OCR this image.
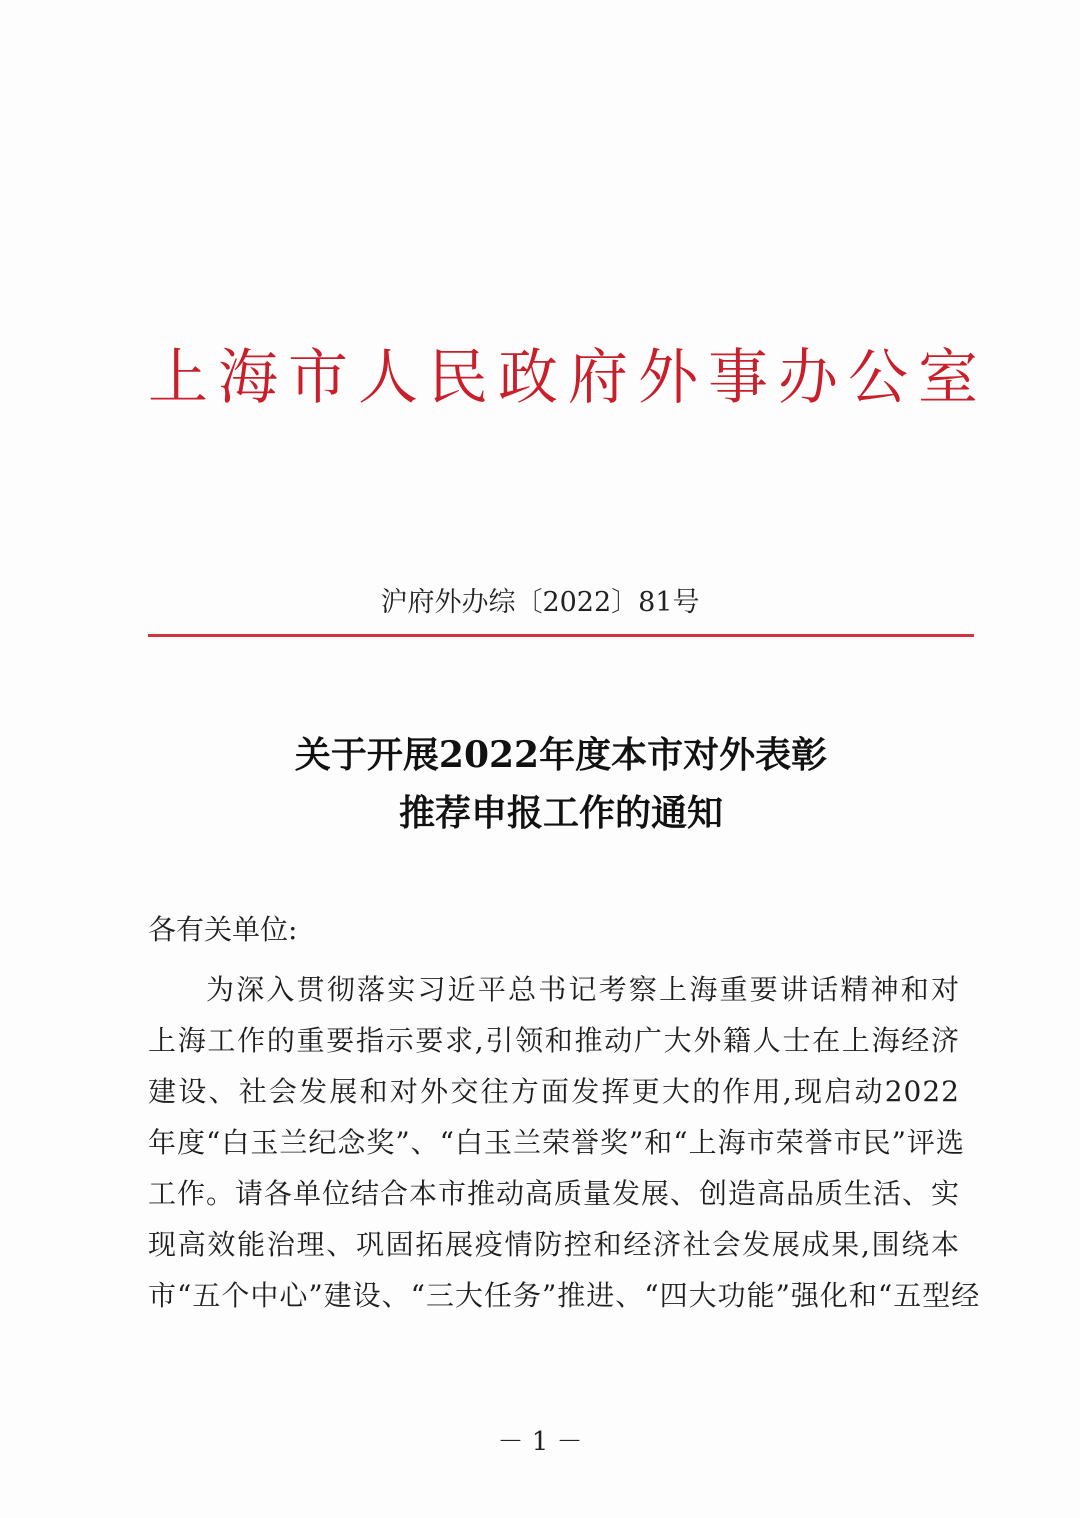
上海市人民政府外事办公室
沪府外办综〔2022〕81号
关于开展2022年度本市对外表彰
推荐申报工作的通知
各有关单位:
为深入贯彻落实习近平总书记考察上海重要讲话精神和对
上海工作的重要指示要求,引领和推动广大外籍人士在上海经济
建设、社会发展和对外交往方面发挥更大的作用,现启动2022
年度“白玉兰纪念奖”、“白玉兰荣誉奖”和“上海市荣誉市民”评选
工作。请各单位结合本市推动高质量发展、创造高品质生活、实
现高效能治理、巩固拓展疫情防控和经济社会发展成果,围绕本
市“五个中心”建设、“三大任务”推进、“四大功能”强化和“五型经
－ 1 －
